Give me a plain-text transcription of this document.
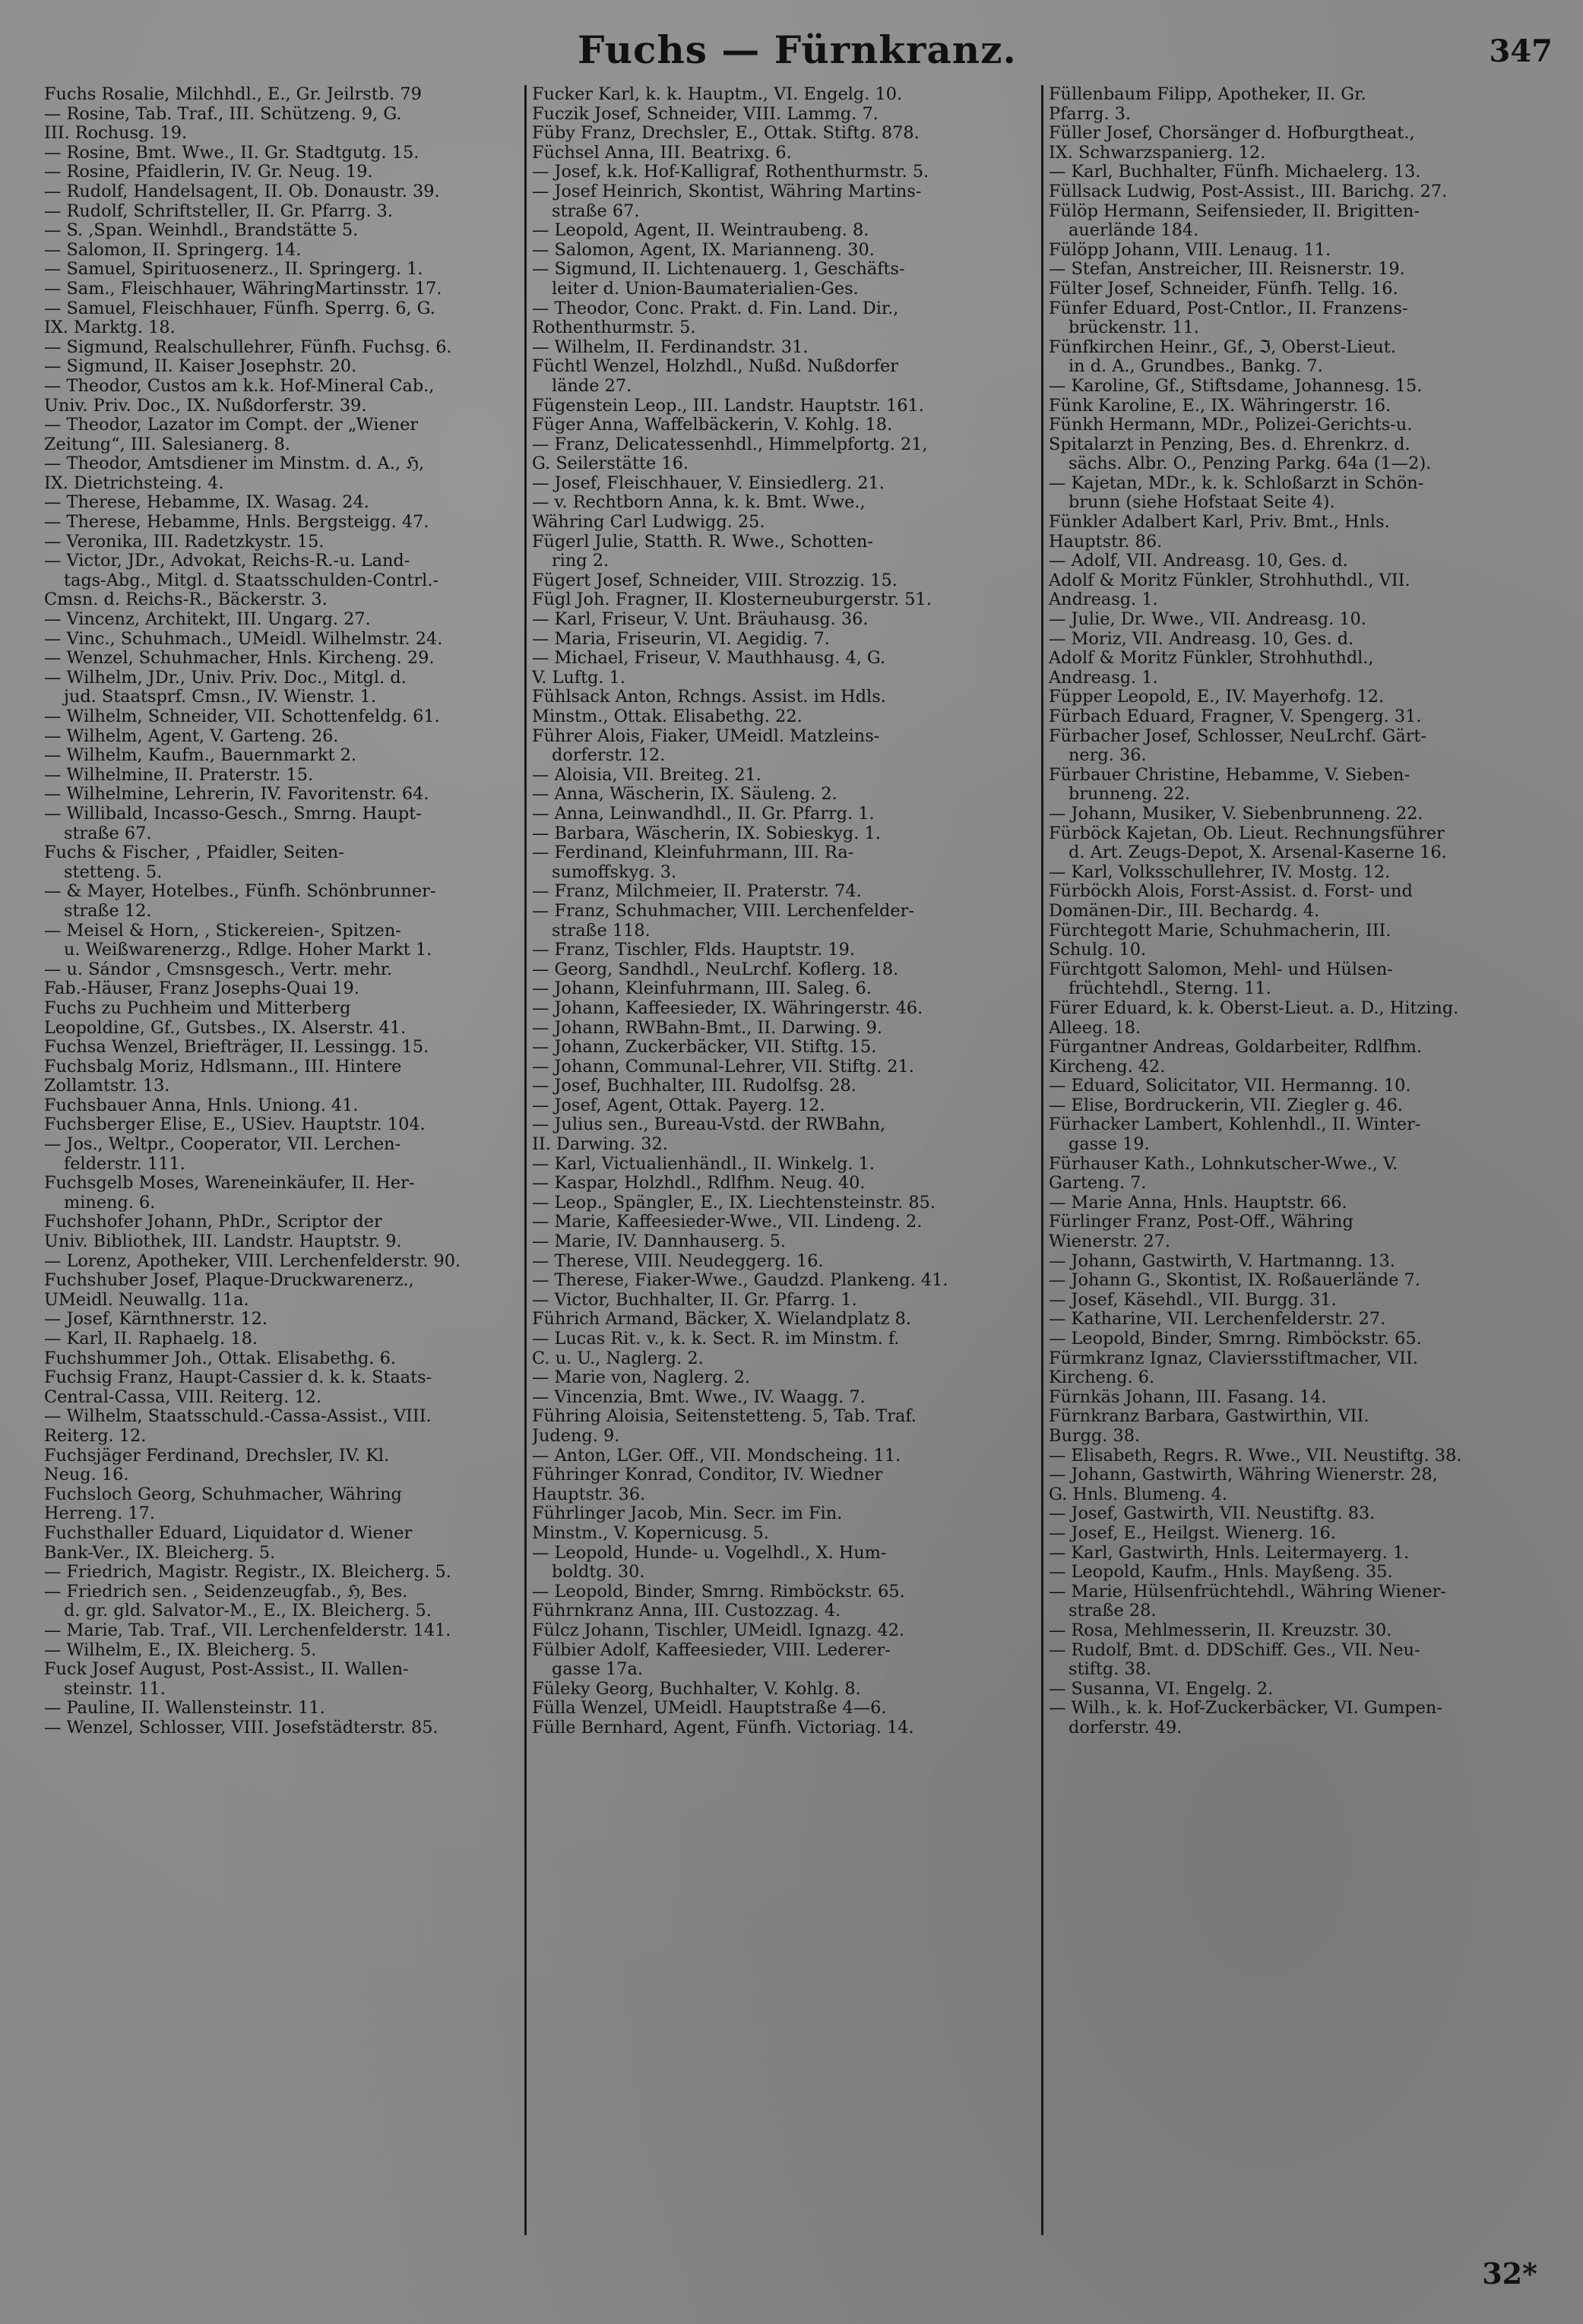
Fuchs — Fürnkranz.	347
Fuchs Rosalie, Milchhdl., E., Gr. Jeilrstb. 79
— Rosine, Tab. Traf., III. Schützeng. 9, G.
III. Rochusg. 19.
— Rosine, Bmt. Wwe., II. Gr. Stadtgutg. 15.
— Rosine, Pfaidlerin, IV. Gr. Neug. 19.
— Rudolf, Handelsagent, II. Ob. Donaustr. 39.
— Rudolf, Schriftsteller, II. Gr. Pfarrg. 3.
— S. ,Span. Weinhdl., Brandstätte 5.
— Salomon, II. Springerg. 14.
— Samuel, Spirituosenerz., II. Springerg. 1.
— Sam., Fleischhauer, WähringMartinsstr. 17.
— Samuel, Fleischhauer, Fünfh. Sperrg. 6, G.
IX. Marktg. 18.
— Sigmund, Realschullehrer, Fünfh. Fuchsg. 6.
— Sigmund, II. Kaiser Josephstr. 20.
— Theodor, Custos am k.k. Hof-Mineral Cab.,
Univ. Priv. Doc., IX. Nußdorferstr. 39.
— Theodor, Lazator im Compt. der „Wiener
Zeitung“, III. Salesianerg. 8.
— Theodor, Amtsdiener im Minstm. d. A., ℌ,
IX. Dietrichsteing. 4.
— Therese, Hebamme, IX. Wasag. 24.
— Therese, Hebamme, Hnls. Bergsteigg. 47.
— Veronika, III. Radetzkystr. 15.
— Victor, JDr., Advokat, Reichs-R.-u. Land-
tags-Abg., Mitgl. d. Staatsschulden-Contrl.-
Cmsn. d. Reichs-R., Bäckerstr. 3.
— Vincenz, Architekt, III. Ungarg. 27.
— Vinc., Schuhmach., UMeidl. Wilhelmstr. 24.
— Wenzel, Schuhmacher, Hnls. Kircheng. 29.
— Wilhelm, JDr., Univ. Priv. Doc., Mitgl. d.
jud. Staatsprf. Cmsn., IV. Wienstr. 1.
— Wilhelm, Schneider, VII. Schottenfeldg. 61.
— Wilhelm, Agent, V. Garteng. 26.
— Wilhelm, Kaufm., Bauernmarkt 2.
— Wilhelmine, II. Praterstr. 15.
— Wilhelmine, Lehrerin, IV. Favoritenstr. 64.
— Willibald, Incasso-Gesch., Smrng. Haupt-
straße 67.
Fuchs & Fischer, , Pfaidler, Seiten-
stetteng. 5.
— & Mayer, Hotelbes., Fünfh. Schönbrunner-
straße 12.
— Meisel & Horn, , Stickereien-, Spitzen-
u. Weißwarenerzg., Rdlge. Hoher Markt 1.
— u. Sándor , Cmsnsgesch., Vertr. mehr.
Fab.-Häuser, Franz Josephs-Quai 19.
Fuchs zu Puchheim und Mitterberg
Leopoldine, Gf., Gutsbes., IX. Alserstr. 41.
Fuchsa Wenzel, Briefträger, II. Lessingg. 15.
Fuchsbalg Moriz, Hdlsmann., III. Hintere
Zollamtstr. 13.
Fuchsbauer Anna, Hnls. Uniong. 41.
Fuchsberger Elise, E., USiev. Hauptstr. 104.
— Jos., Weltpr., Cooperator, VII. Lerchen-
felderstr. 111.
Fuchsgelb Moses, Wareneinkäufer, II. Her-
mineng. 6.
Fuchshofer Johann, PhDr., Scriptor der
Univ. Bibliothek, III. Landstr. Hauptstr. 9.
— Lorenz, Apotheker, VIII. Lerchenfelderstr. 90.
Fuchshuber Josef, Plaque-Druckwarenerz.,
UMeidl. Neuwallg. 11a.
— Josef, Kärnthnerstr. 12.
— Karl, II. Raphaelg. 18.
Fuchshummer Joh., Ottak. Elisabethg. 6.
Fuchsig Franz, Haupt-Cassier d. k. k. Staats-
Central-Cassa, VIII. Reiterg. 12.
— Wilhelm, Staatsschuld.-Cassa-Assist., VIII.
Reiterg. 12.
Fuchsjäger Ferdinand, Drechsler, IV. Kl.
Neug. 16.
Fuchsloch Georg, Schuhmacher, Währing
Herreng. 17.
Fuchsthaller Eduard, Liquidator d. Wiener
Bank-Ver., IX. Bleicherg. 5.
— Friedrich, Magistr. Registr., IX. Bleicherg. 5.
— Friedrich sen. , Seidenzeugfab., ℌ, Bes.
d. gr. gld. Salvator-M., E., IX. Bleicherg. 5.
— Marie, Tab. Traf., VII. Lerchenfelderstr. 141.
— Wilhelm, E., IX. Bleicherg. 5.
Fuck Josef August, Post-Assist., II. Wallen-
steinstr. 11.
— Pauline, II. Wallensteinstr. 11.
— Wenzel, Schlosser, VIII. Josefstädterstr. 85.
Fucker Karl, k. k. Hauptm., VI. Engelg. 10.
Fuczik Josef, Schneider, VIII. Lammg. 7.
Füby Franz, Drechsler, E., Ottak. Stiftg. 878.
Füchsel Anna, III. Beatrixg. 6.
— Josef, k.k. Hof-Kalligraf, Rothenthurmstr. 5.
— Josef Heinrich, Skontist, Währing Martins-
straße 67.
— Leopold, Agent, II. Weintraubeng. 8.
— Salomon, Agent, IX. Marianneng. 30.
— Sigmund, II. Lichtenauerg. 1, Geschäfts-
leiter d. Union-Baumaterialien-Ges.
— Theodor, Conc. Prakt. d. Fin. Land. Dir.,
Rothenthurmstr. 5.
— Wilhelm, II. Ferdinandstr. 31.
Füchtl Wenzel, Holzhdl., Nußd. Nußdorfer
lände 27.
Fügenstein Leop., III. Landstr. Hauptstr. 161.
Füger Anna, Waffelbäckerin, V. Kohlg. 18.
— Franz, Delicatessenhdl., Himmelpfortg. 21,
G. Seilerstätte 16.
— Josef, Fleischhauer, V. Einsiedlerg. 21.
— v. Rechtborn Anna, k. k. Bmt. Wwe.,
Währing Carl Ludwigg. 25.
Fügerl Julie, Statth. R. Wwe., Schotten-
ring 2.
Fügert Josef, Schneider, VIII. Strozzig. 15.
Fügl Joh. Fragner, II. Klosterneuburgerstr. 51.
— Karl, Friseur, V. Unt. Bräuhausg. 36.
— Maria, Friseurin, VI. Aegidig. 7.
— Michael, Friseur, V. Mauthhausg. 4, G.
V. Luftg. 1.
Fühlsack Anton, Rchngs. Assist. im Hdls.
Minstm., Ottak. Elisabethg. 22.
Führer Alois, Fiaker, UMeidl. Matzleins-
dorferstr. 12.
— Aloisia, VII. Breiteg. 21.
— Anna, Wäscherin, IX. Säuleng. 2.
— Anna, Leinwandhdl., II. Gr. Pfarrg. 1.
— Barbara, Wäscherin, IX. Sobieskyg. 1.
— Ferdinand, Kleinfuhrmann, III. Ra-
sumoffskyg. 3.
— Franz, Milchmeier, II. Praterstr. 74.
— Franz, Schuhmacher, VIII. Lerchenfelder-
straße 118.
— Franz, Tischler, Flds. Hauptstr. 19.
— Georg, Sandhdl., NeuLrchf. Koflerg. 18.
— Johann, Kleinfuhrmann, III. Saleg. 6.
— Johann, Kaffeesieder, IX. Währingerstr. 46.
— Johann, RWBahn-Bmt., II. Darwing. 9.
— Johann, Zuckerbäcker, VII. Stiftg. 15.
— Johann, Communal-Lehrer, VII. Stiftg. 21.
— Josef, Buchhalter, III. Rudolfsg. 28.
— Josef, Agent, Ottak. Payerg. 12.
— Julius sen., Bureau-Vstd. der RWBahn,
II. Darwing. 32.
— Karl, Victualienhändl., II. Winkelg. 1.
— Kaspar, Holzhdl., Rdlfhm. Neug. 40.
— Leop., Spängler, E., IX. Liechtensteinstr. 85.
— Marie, Kaffeesieder-Wwe., VII. Lindeng. 2.
— Marie, IV. Dannhauserg. 5.
— Therese, VIII. Neudeggerg. 16.
— Therese, Fiaker-Wwe., Gaudzd. Plankeng. 41.
— Victor, Buchhalter, II. Gr. Pfarrg. 1.
Führich Armand, Bäcker, X. Wielandplatz 8.
— Lucas Rit. v., k. k. Sect. R. im Minstm. f.
C. u. U., Naglerg. 2.
— Marie von, Naglerg. 2.
— Vincenzia, Bmt. Wwe., IV. Waagg. 7.
Führing Aloisia, Seitenstetteng. 5, Tab. Traf.
Judeng. 9.
— Anton, LGer. Off., VII. Mondscheing. 11.
Führinger Konrad, Conditor, IV. Wiedner
Hauptstr. 36.
Führlinger Jacob, Min. Secr. im Fin.
Minstm., V. Kopernicusg. 5.
— Leopold, Hunde- u. Vogelhdl., X. Hum-
boldtg. 30.
— Leopold, Binder, Smrng. Rimböckstr. 65.
Führnkranz Anna, III. Custozzag. 4.
Fülcz Johann, Tischler, UMeidl. Ignazg. 42.
Fülbier Adolf, Kaffeesieder, VIII. Lederer-
gasse 17a.
Füleky Georg, Buchhalter, V. Kohlg. 8.
Fülla Wenzel, UMeidl. Hauptstraße 4—6.
Fülle Bernhard, Agent, Fünfh. Victoriag. 14.
Füllenbaum Filipp, Apotheker, II. Gr.
Pfarrg. 3.
Füller Josef, Chorsänger d. Hofburgtheat.,
IX. Schwarzspanierg. 12.
— Karl, Buchhalter, Fünfh. Michaelerg. 13.
Füllsack Ludwig, Post-Assist., III. Barichg. 27.
Fülöp Hermann, Seifensieder, II. Brigitten-
auerlände 184.
Fülöpp Johann, VIII. Lenaug. 11.
— Stefan, Anstreicher, III. Reisnerstr. 19.
Fülter Josef, Schneider, Fünfh. Tellg. 16.
Fünfer Eduard, Post-Cntlor., II. Franzens-
brückenstr. 11.
Fünfkirchen Heinr., Gf., ℑ, Oberst-Lieut.
in d. A., Grundbes., Bankg. 7.
— Karoline, Gf., Stiftsdame, Johannesg. 15.
Fünk Karoline, E., IX. Währingerstr. 16.
Fünkh Hermann, MDr., Polizei-Gerichts-u.
Spitalarzt in Penzing, Bes. d. Ehrenkrz. d.
sächs. Albr. O., Penzing Parkg. 64a (1—2).
— Kajetan, MDr., k. k. Schloßarzt in Schön-
brunn (siehe Hofstaat Seite 4).
Fünkler Adalbert Karl, Priv. Bmt., Hnls.
Hauptstr. 86.
— Adolf, VII. Andreasg. 10, Ges. d.
Adolf & Moritz Fünkler, Strohhuthdl., VII.
Andreasg. 1.
— Julie, Dr. Wwe., VII. Andreasg. 10.
— Moriz, VII. Andreasg. 10, Ges. d.
Adolf & Moritz Fünkler, Strohhuthdl.,
Andreasg. 1.
Füpper Leopold, E., IV. Mayerhofg. 12.
Fürbach Eduard, Fragner, V. Spengerg. 31.
Fürbacher Josef, Schlosser, NeuLrchf. Gärt-
nerg. 36.
Fürbauer Christine, Hebamme, V. Sieben-
brunneng. 22.
— Johann, Musiker, V. Siebenbrunneng. 22.
Fürböck Kajetan, Ob. Lieut. Rechnungsführer
d. Art. Zeugs-Depot, X. Arsenal-Kaserne 16.
— Karl, Volksschullehrer, IV. Mostg. 12.
Fürböckh Alois, Forst-Assist. d. Forst- und
Domänen-Dir., III. Bechardg. 4.
Fürchtegott Marie, Schuhmacherin, III.
Schulg. 10.
Fürchtgott Salomon, Mehl- und Hülsen-
früchtehdl., Sterng. 11.
Fürer Eduard, k. k. Oberst-Lieut. a. D., Hitzing.
Alleeg. 18.
Fürgantner Andreas, Goldarbeiter, Rdlfhm.
Kircheng. 42.
— Eduard, Solicitator, VII. Hermanng. 10.
— Elise, Bordruckerin, VII. Ziegler g. 46.
Fürhacker Lambert, Kohlenhdl., II. Winter-
gasse 19.
Fürhauser Kath., Lohnkutscher-Wwe., V.
Garteng. 7.
— Marie Anna, Hnls. Hauptstr. 66.
Fürlinger Franz, Post-Off., Währing
Wienerstr. 27.
— Johann, Gastwirth, V. Hartmanng. 13.
— Johann G., Skontist, IX. Roßauerlände 7.
— Josef, Käsehdl., VII. Burgg. 31.
— Katharine, VII. Lerchenfelderstr. 27.
— Leopold, Binder, Smrng. Rimböckstr. 65.
Fürmkranz Ignaz, Claviersstiftmacher, VII.
Kircheng. 6.
Fürnkäs Johann, III. Fasang. 14.
Fürnkranz Barbara, Gastwirthin, VII.
Burgg. 38.
— Elisabeth, Regrs. R. Wwe., VII. Neustiftg. 38.
— Johann, Gastwirth, Währing Wienerstr. 28,
G. Hnls. Blumeng. 4.
— Josef, Gastwirth, VII. Neustiftg. 83.
— Josef, E., Heilgst. Wienerg. 16.
— Karl, Gastwirth, Hnls. Leitermayerg. 1.
— Leopold, Kaufm., Hnls. Mayßeng. 35.
— Marie, Hülsenfrüchtehdl., Währing Wiener-
straße 28.
— Rosa, Mehlmesserin, II. Kreuzstr. 30.
— Rudolf, Bmt. d. DDSchiff. Ges., VII. Neu-
stiftg. 38.
— Susanna, VI. Engelg. 2.
— Wilh., k. k. Hof-Zuckerbäcker, VI. Gumpen-
dorferstr. 49.
32*
